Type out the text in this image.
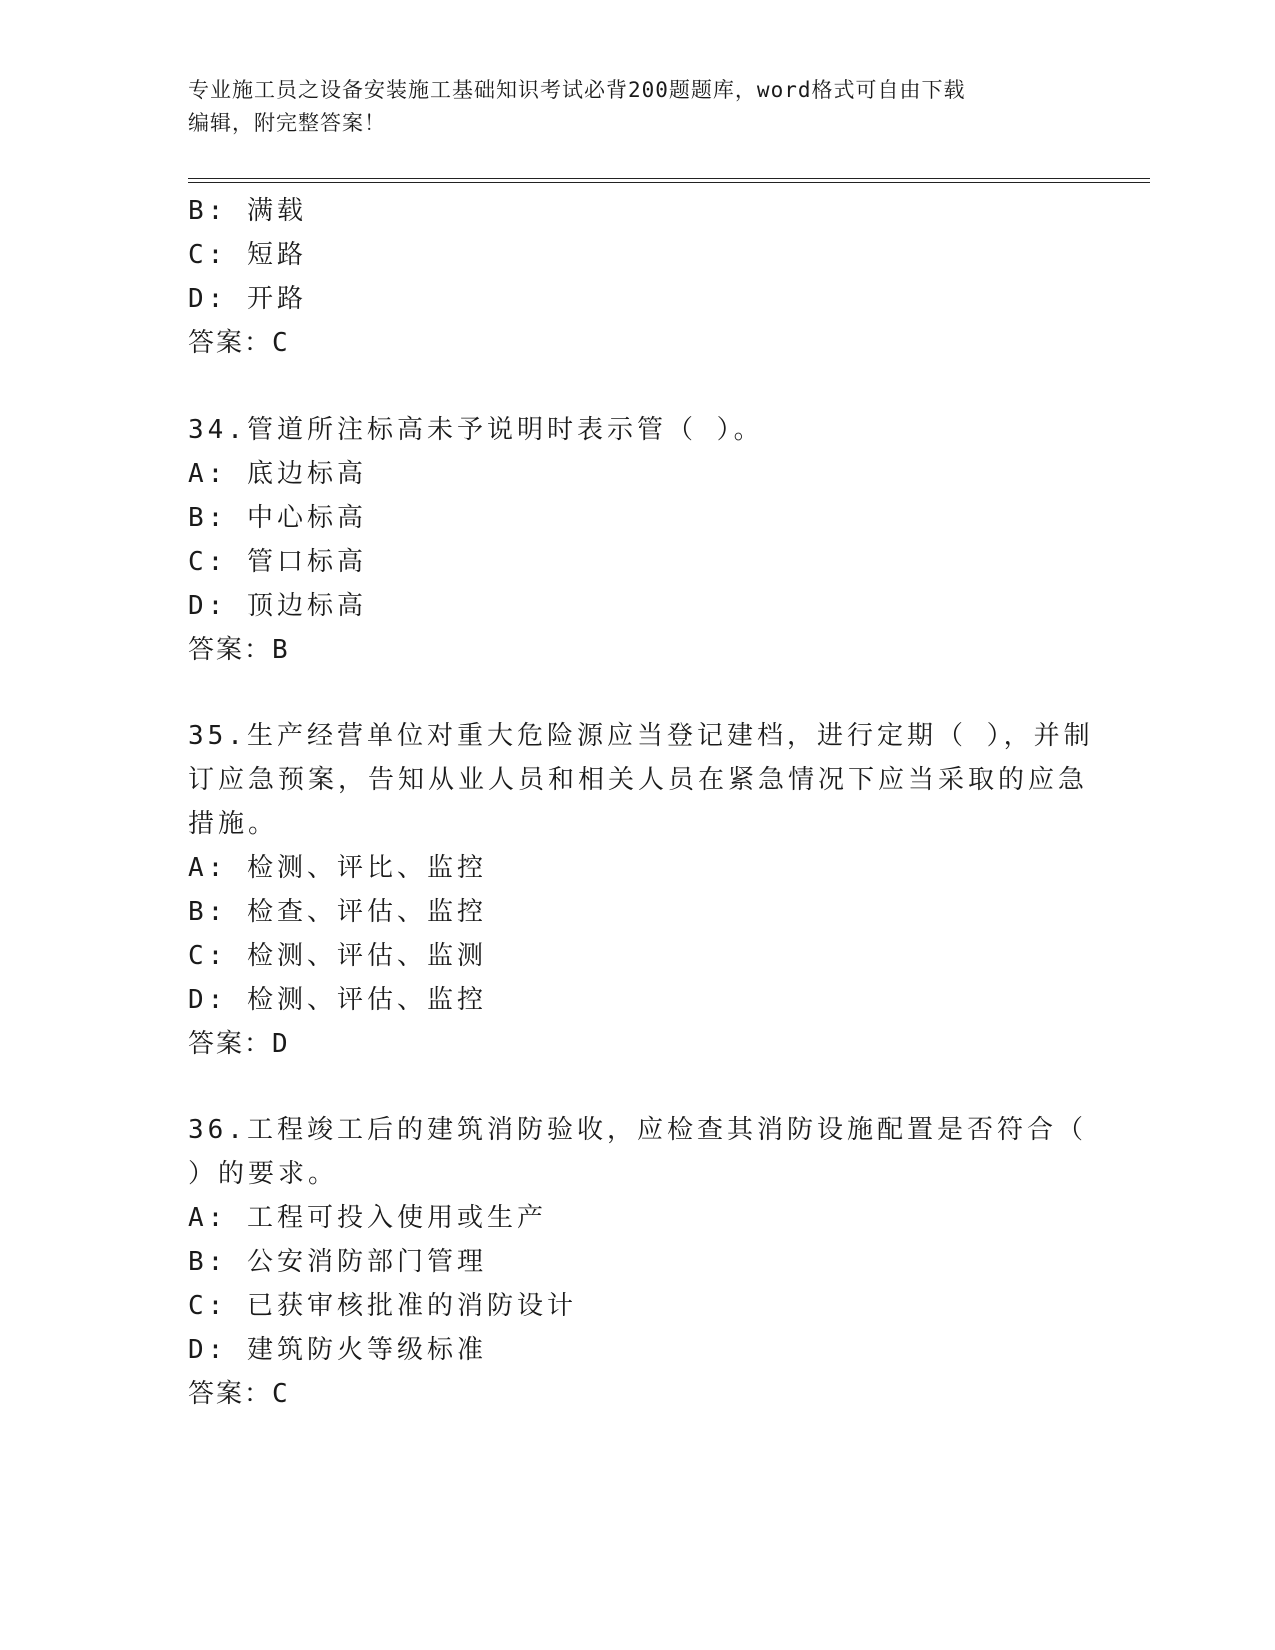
专业施工员之设备安装施工基础知识考试必背200题题库，word格式可自由下载
编辑，附完整答案！
B: 满载
C: 短路
D: 开路
答案：C
34.管道所注标高未予说明时表示管（ ）。
A: 底边标高
B: 中心标高
C: 管口标高
D: 顶边标高
答案：B
35.生产经营单位对重大危险源应当登记建档，进行定期（ ），并制
订应急预案，告知从业人员和相关人员在紧急情况下应当采取的应急
措施。
A: 检测、评比、监控
B: 检查、评估、监控
C: 检测、评估、监测
D: 检测、评估、监控
答案：D
36.工程竣工后的建筑消防验收，应检查其消防设施配置是否符合（
）的要求。
A: 工程可投入使用或生产
B: 公安消防部门管理
C: 已获审核批准的消防设计
D: 建筑防火等级标准
答案：C
